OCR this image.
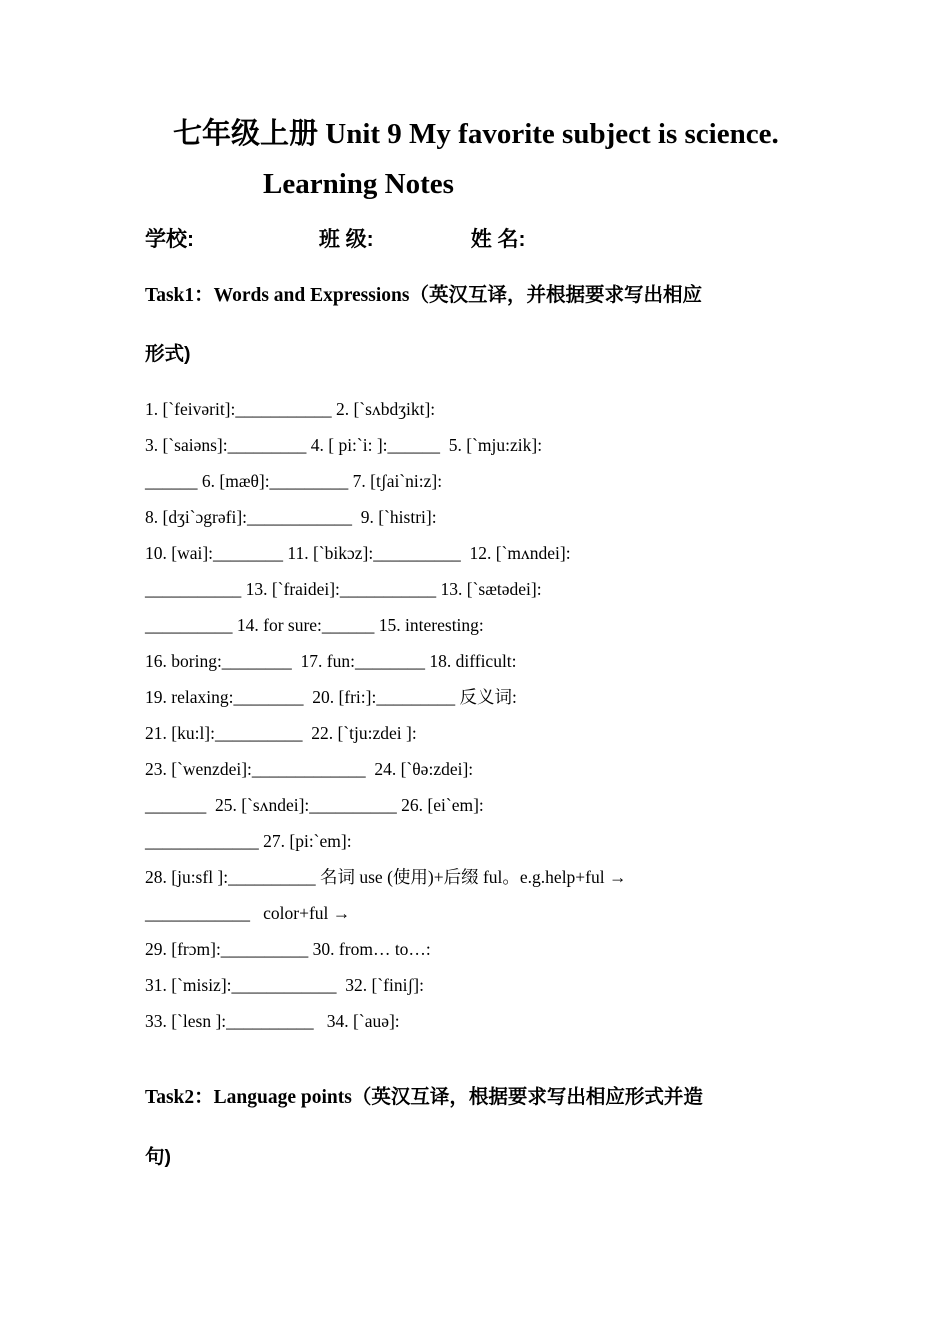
七年级上册 Unit 9 My favorite subject is science.
Learning Notes
学校:	班 级:	姓 名:
Task1：Words and Expressions（英汉互译，并根据要求写出相应
形式)
1. [`feivərit]:___________ 2. [`sʌbdʒikt]:
3. [`saiəns]:_________ 4. [ pi:`i: ]:______  5. [`mju:zik]:
______ 6. [mæθ]:_________ 7. [tʃai`ni:z]:
8. [dʒi`ɔgrəfi]:____________  9. [`histri]:
10. [wai]:________ 11. [`bikɔz]:__________  12. [`mʌndei]:
___________ 13. [`fraidei]:___________ 13. [`sætədei]:
__________ 14. for sure:______ 15. interesting:
16. boring:________  17. fun:________ 18. difficult:
19. relaxing:________  20. [fri:]:_________ 反义词:
21. [ku:l]:__________  22. [`tju:zdei ]:
23. [`wenzdei]:_____________  24. [`θə:zdei]:
_______  25. [`sʌndei]:__________ 26. [ei`em]:
_____________ 27. [pi:`em]:
28. [ju:sfl ]:__________ 名词 use (使用)+后缀 ful。e.g.help+ful →
____________   color+ful →
29. [frɔm]:__________ 30. from… to…:
31. [`misiz]:____________  32. [`finiʃ]:
33. [`lesn ]:__________   34. [`auə]:
Task2：Language points（英汉互译，根据要求写出相应形式并造
句)
